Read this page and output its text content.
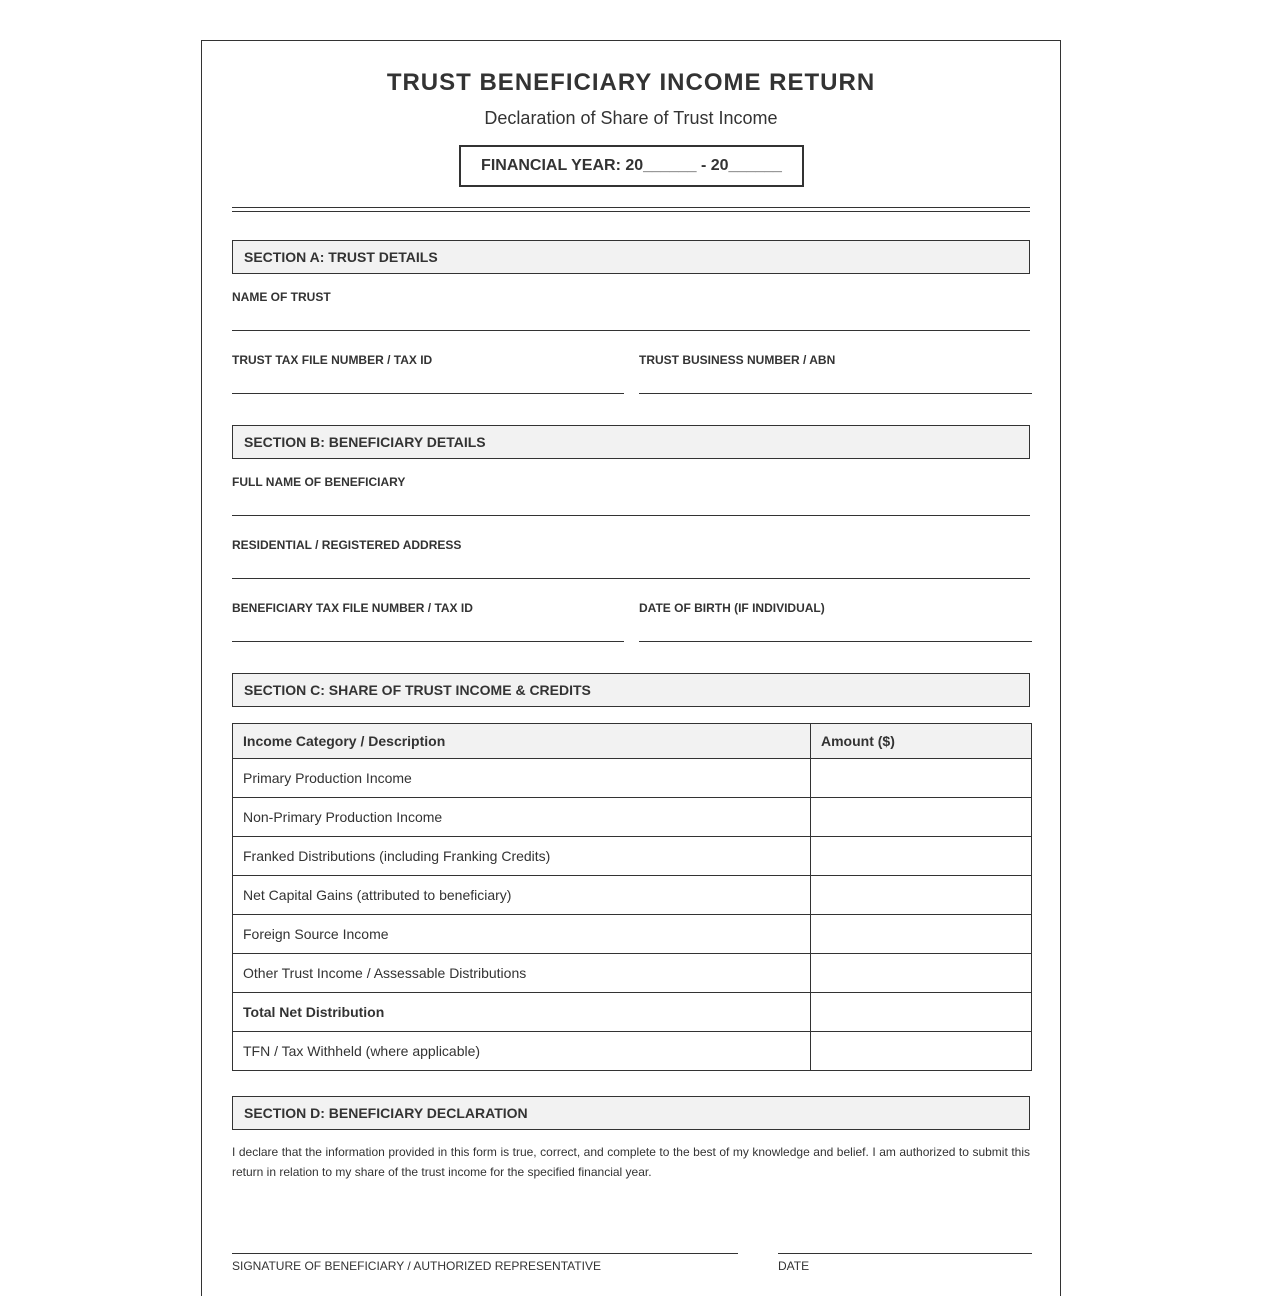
TRUST BENEFICIARY INCOME RETURN
Declaration of Share of Trust Income
FINANCIAL YEAR: 20______ - 20______
SECTION A: TRUST DETAILS
NAME OF TRUST
TRUST TAX FILE NUMBER / TAX ID	TRUST BUSINESS NUMBER / ABN
SECTION B: BENEFICIARY DETAILS
FULL NAME OF BENEFICIARY
RESIDENTIAL / REGISTERED ADDRESS
BENEFICIARY TAX FILE NUMBER / TAX ID	DATE OF BIRTH (IF INDIVIDUAL)
SECTION C: SHARE OF TRUST INCOME & CREDITS
Income Category / Description	Amount ($)
Primary Production Income	
Non-Primary Production Income	
Franked Distributions (including Franking Credits)	
Net Capital Gains (attributed to beneficiary)	
Foreign Source Income	
Other Trust Income / Assessable Distributions	
Total Net Distribution	
TFN / Tax Withheld (where applicable)	
SECTION D: BENEFICIARY DECLARATION
I declare that the information provided in this form is true, correct, and complete to the best of my knowledge and belief. I am authorized to submit this return in relation to my share of the trust income for the specified financial year.
SIGNATURE OF BENEFICIARY / AUTHORIZED REPRESENTATIVE	DATE
